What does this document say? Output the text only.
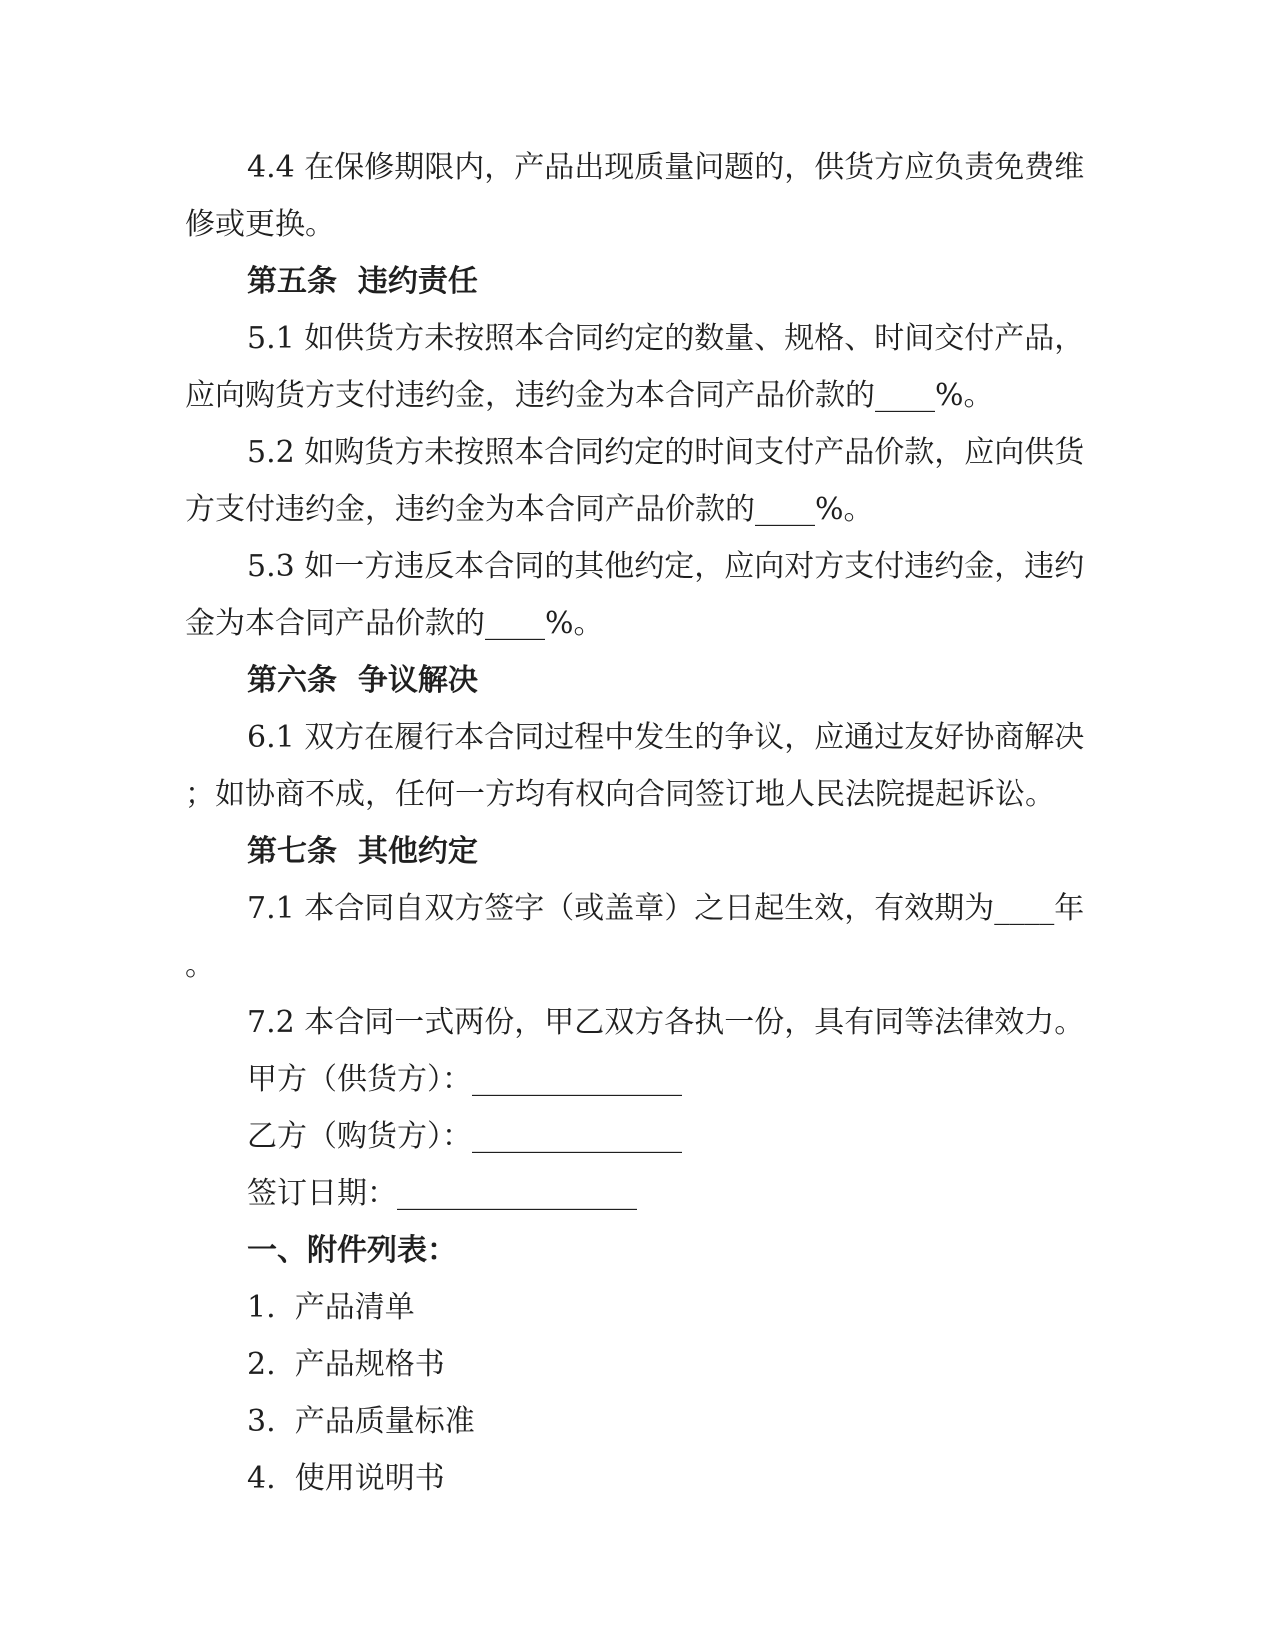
4.4 在保修期限内，产品出现质量问题的，供货方应负责免费维
修或更换。
第五条  违约责任
5.1 如供货方未按照本合同约定的数量、规格、时间交付产品，
应向购货方支付违约金，违约金为本合同产品价款的____%。
5.2 如购货方未按照本合同约定的时间支付产品价款，应向供货
方支付违约金，违约金为本合同产品价款的____%。
5.3 如一方违反本合同的其他约定，应向对方支付违约金，违约
金为本合同产品价款的____%。
第六条  争议解决
6.1 双方在履行本合同过程中发生的争议，应通过友好协商解决
；如协商不成，任何一方均有权向合同签订地人民法院提起诉讼。
第七条  其他约定
7.1 本合同自双方签字（或盖章）之日起生效，有效期为____年
。
7.2 本合同一式两份，甲乙双方各执一份，具有同等法律效力。
甲方（供货方）：______________
乙方（购货方）：______________
签订日期：________________
一、附件列表：
1.  产品清单
2.  产品规格书
3.  产品质量标准
4.  使用说明书
